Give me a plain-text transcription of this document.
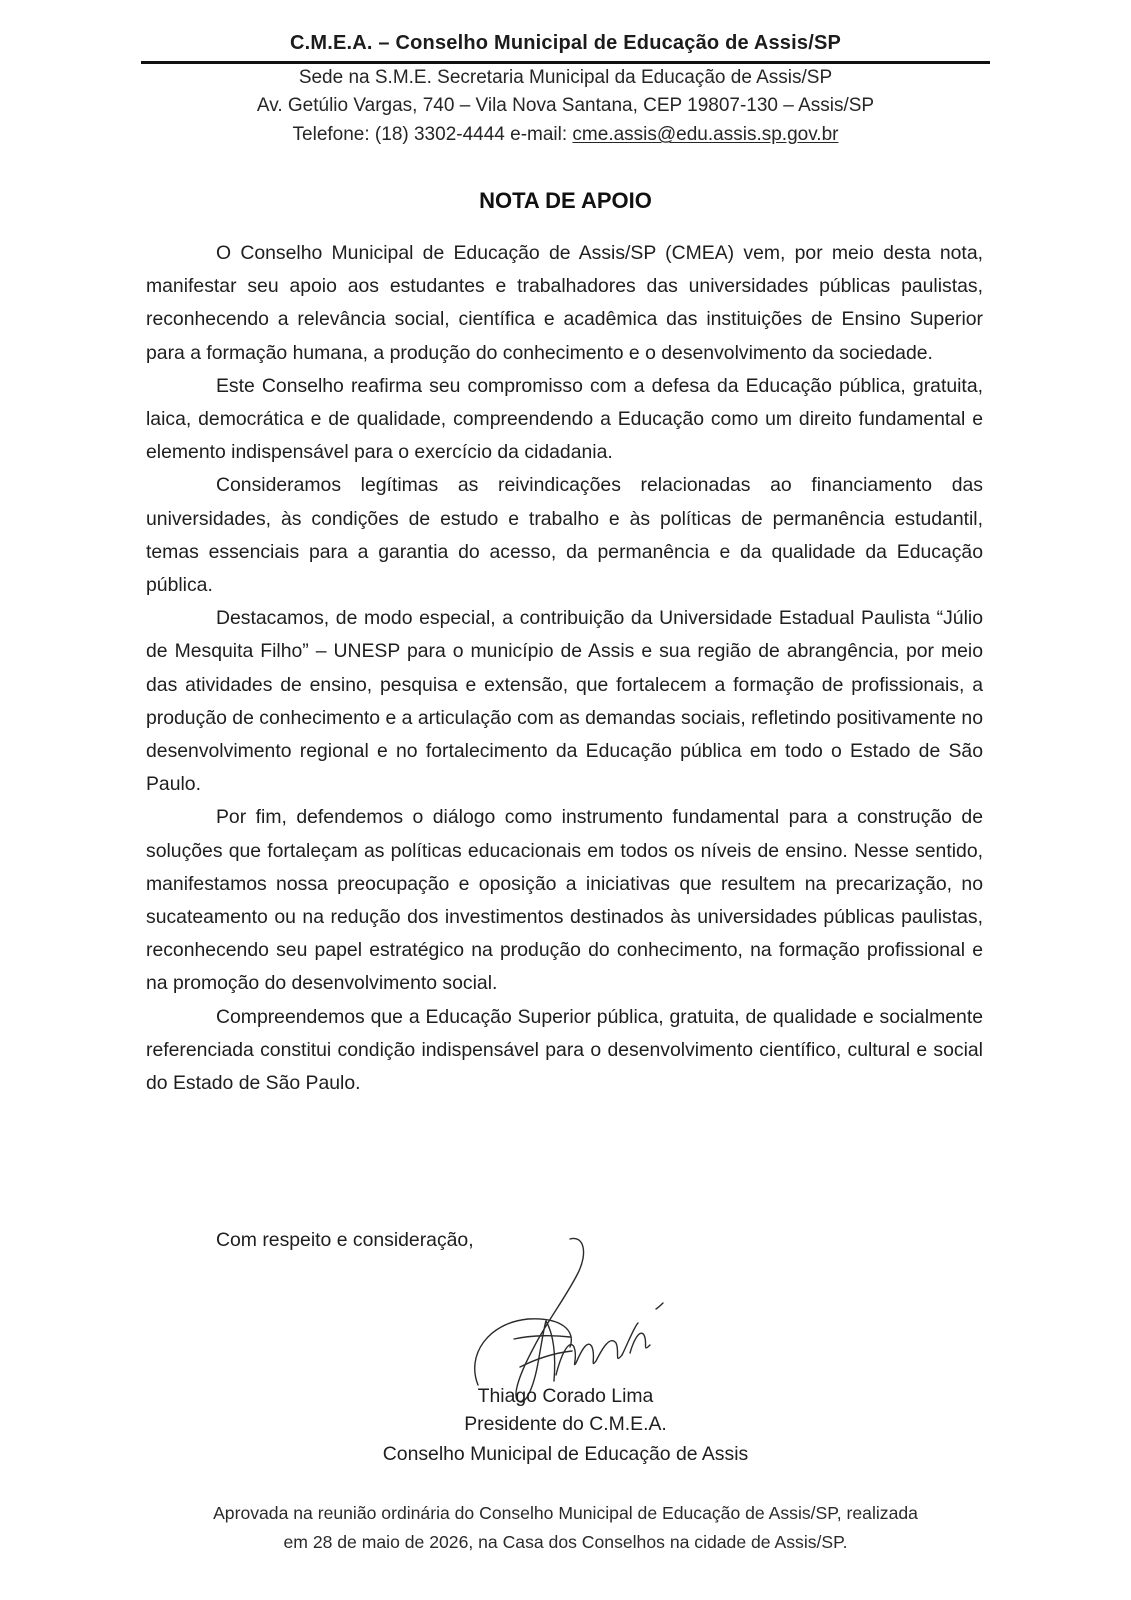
C.M.E.A. – Conselho Municipal de Educação de Assis/SP
Sede na S.M.E. Secretaria Municipal da Educação de Assis/SP
Av. Getúlio Vargas, 740 – Vila Nova Santana, CEP 19807-130 – Assis/SP
Telefone: (18) 3302-4444 e-mail: cme.assis@edu.assis.sp.gov.br
NOTA DE APOIO

O Conselho Municipal de Educação de Assis/SP (CMEA) vem, por meio desta nota, manifestar seu apoio aos estudantes e trabalhadores das universidades públicas paulistas, reconhecendo a relevância social, científica e acadêmica das instituições de Ensino Superior para a formação humana, a produção do conhecimento e o desenvolvimento da sociedade.

Este Conselho reafirma seu compromisso com a defesa da Educação pública, gratuita, laica, democrática e de qualidade, compreendendo a Educação como um direito fundamental e elemento indispensável para o exercício da cidadania.

Consideramos legítimas as reivindicações relacionadas ao financiamento das universidades, às condições de estudo e trabalho e às políticas de permanência estudantil, temas essenciais para a garantia do acesso, da permanência e da qualidade da Educação pública.

Destacamos, de modo especial, a contribuição da Universidade Estadual Paulista “Júlio de Mesquita Filho” – UNESP para o município de Assis e sua região de abrangência, por meio das atividades de ensino, pesquisa e extensão, que fortalecem a formação de profissionais, a produção de conhecimento e a articulação com as demandas sociais, refletindo positivamente no desenvolvimento regional e no fortalecimento da Educação pública em todo o Estado de São Paulo.

Por fim, defendemos o diálogo como instrumento fundamental para a construção de soluções que fortaleçam as políticas educacionais em todos os níveis de ensino. Nesse sentido, manifestamos nossa preocupação e oposição a iniciativas que resultem na precarização, no sucateamento ou na redução dos investimentos destinados às universidades públicas paulistas, reconhecendo seu papel estratégico na produção do conhecimento, na formação profissional e na promoção do desenvolvimento social.

Compreendemos que a Educação Superior pública, gratuita, de qualidade e socialmente referenciada constitui condição indispensável para o desenvolvimento científico, cultural e social do Estado de São Paulo.

Com respeito e consideração,
Thiago Corado Lima
Presidente do C.M.E.A.
Conselho Municipal de Educação de Assis
Aprovada na reunião ordinária do Conselho Municipal de Educação de Assis/SP, realizada
em 28 de maio de 2026, na Casa dos Conselhos na cidade de Assis/SP.
